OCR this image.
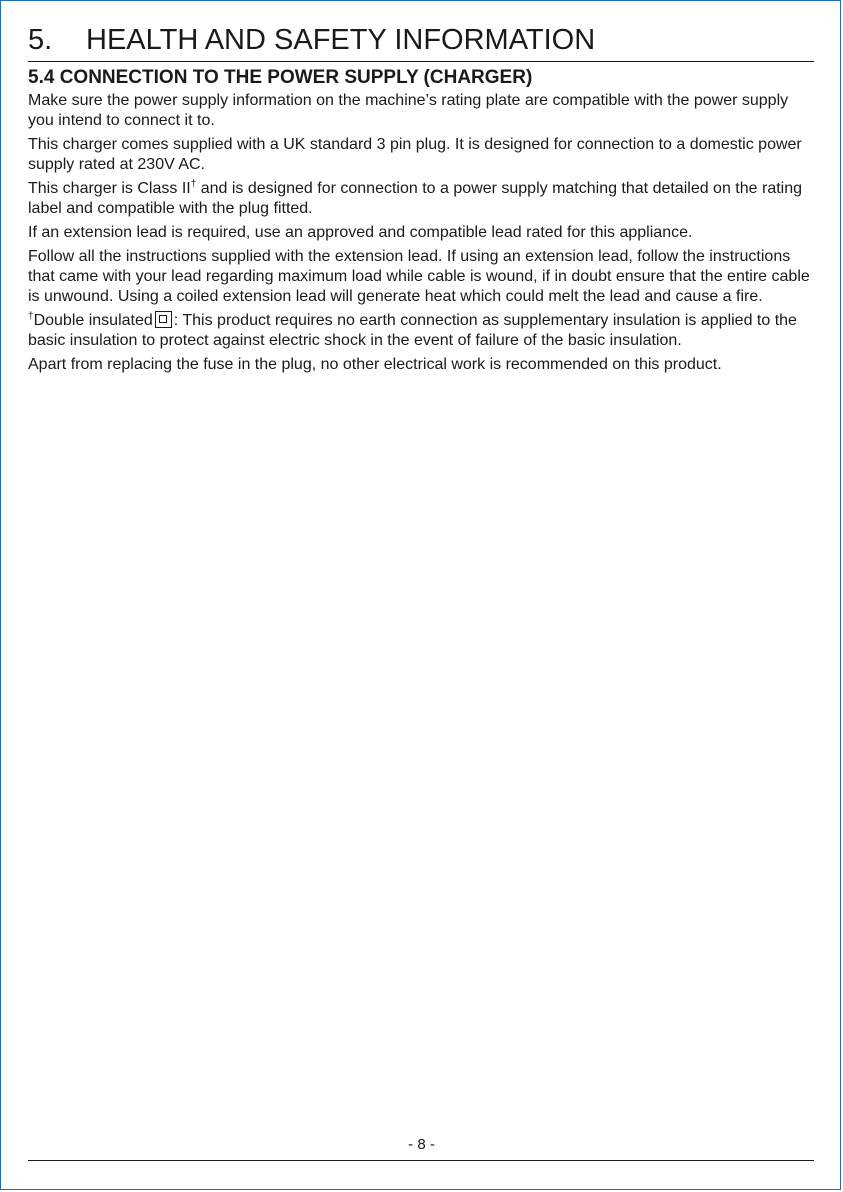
5.	HEALTH AND SAFETY INFORMATION
5.4 CONNECTION TO THE POWER SUPPLY (CHARGER)

Make sure the power supply information on the machine’s rating plate are compatible with the power supply you intend to connect it to.

This charger comes supplied with a UK standard 3 pin plug. It is designed for connection to a domestic power supply rated at 230V AC.

This charger is Class II† and is designed for connection to a power supply matching that detailed on the rating label and compatible with the plug fitted.

If an extension lead is required, use an approved and compatible lead rated for this appliance.

Follow all the instructions supplied with the extension lead. If using an extension lead, follow the instructions that came with your lead regarding maximum load while cable is wound, if in doubt ensure that the entire cable is unwound. Using a coiled extension lead will generate heat which could melt the lead and cause a fire.

†Double insulated : This product requires no earth connection as supplementary insulation is applied to the basic insulation to protect against electric shock in the event of failure of the basic insulation.

Apart from replacing the fuse in the plug, no other electrical work is recommended on this product.

- 8 -
